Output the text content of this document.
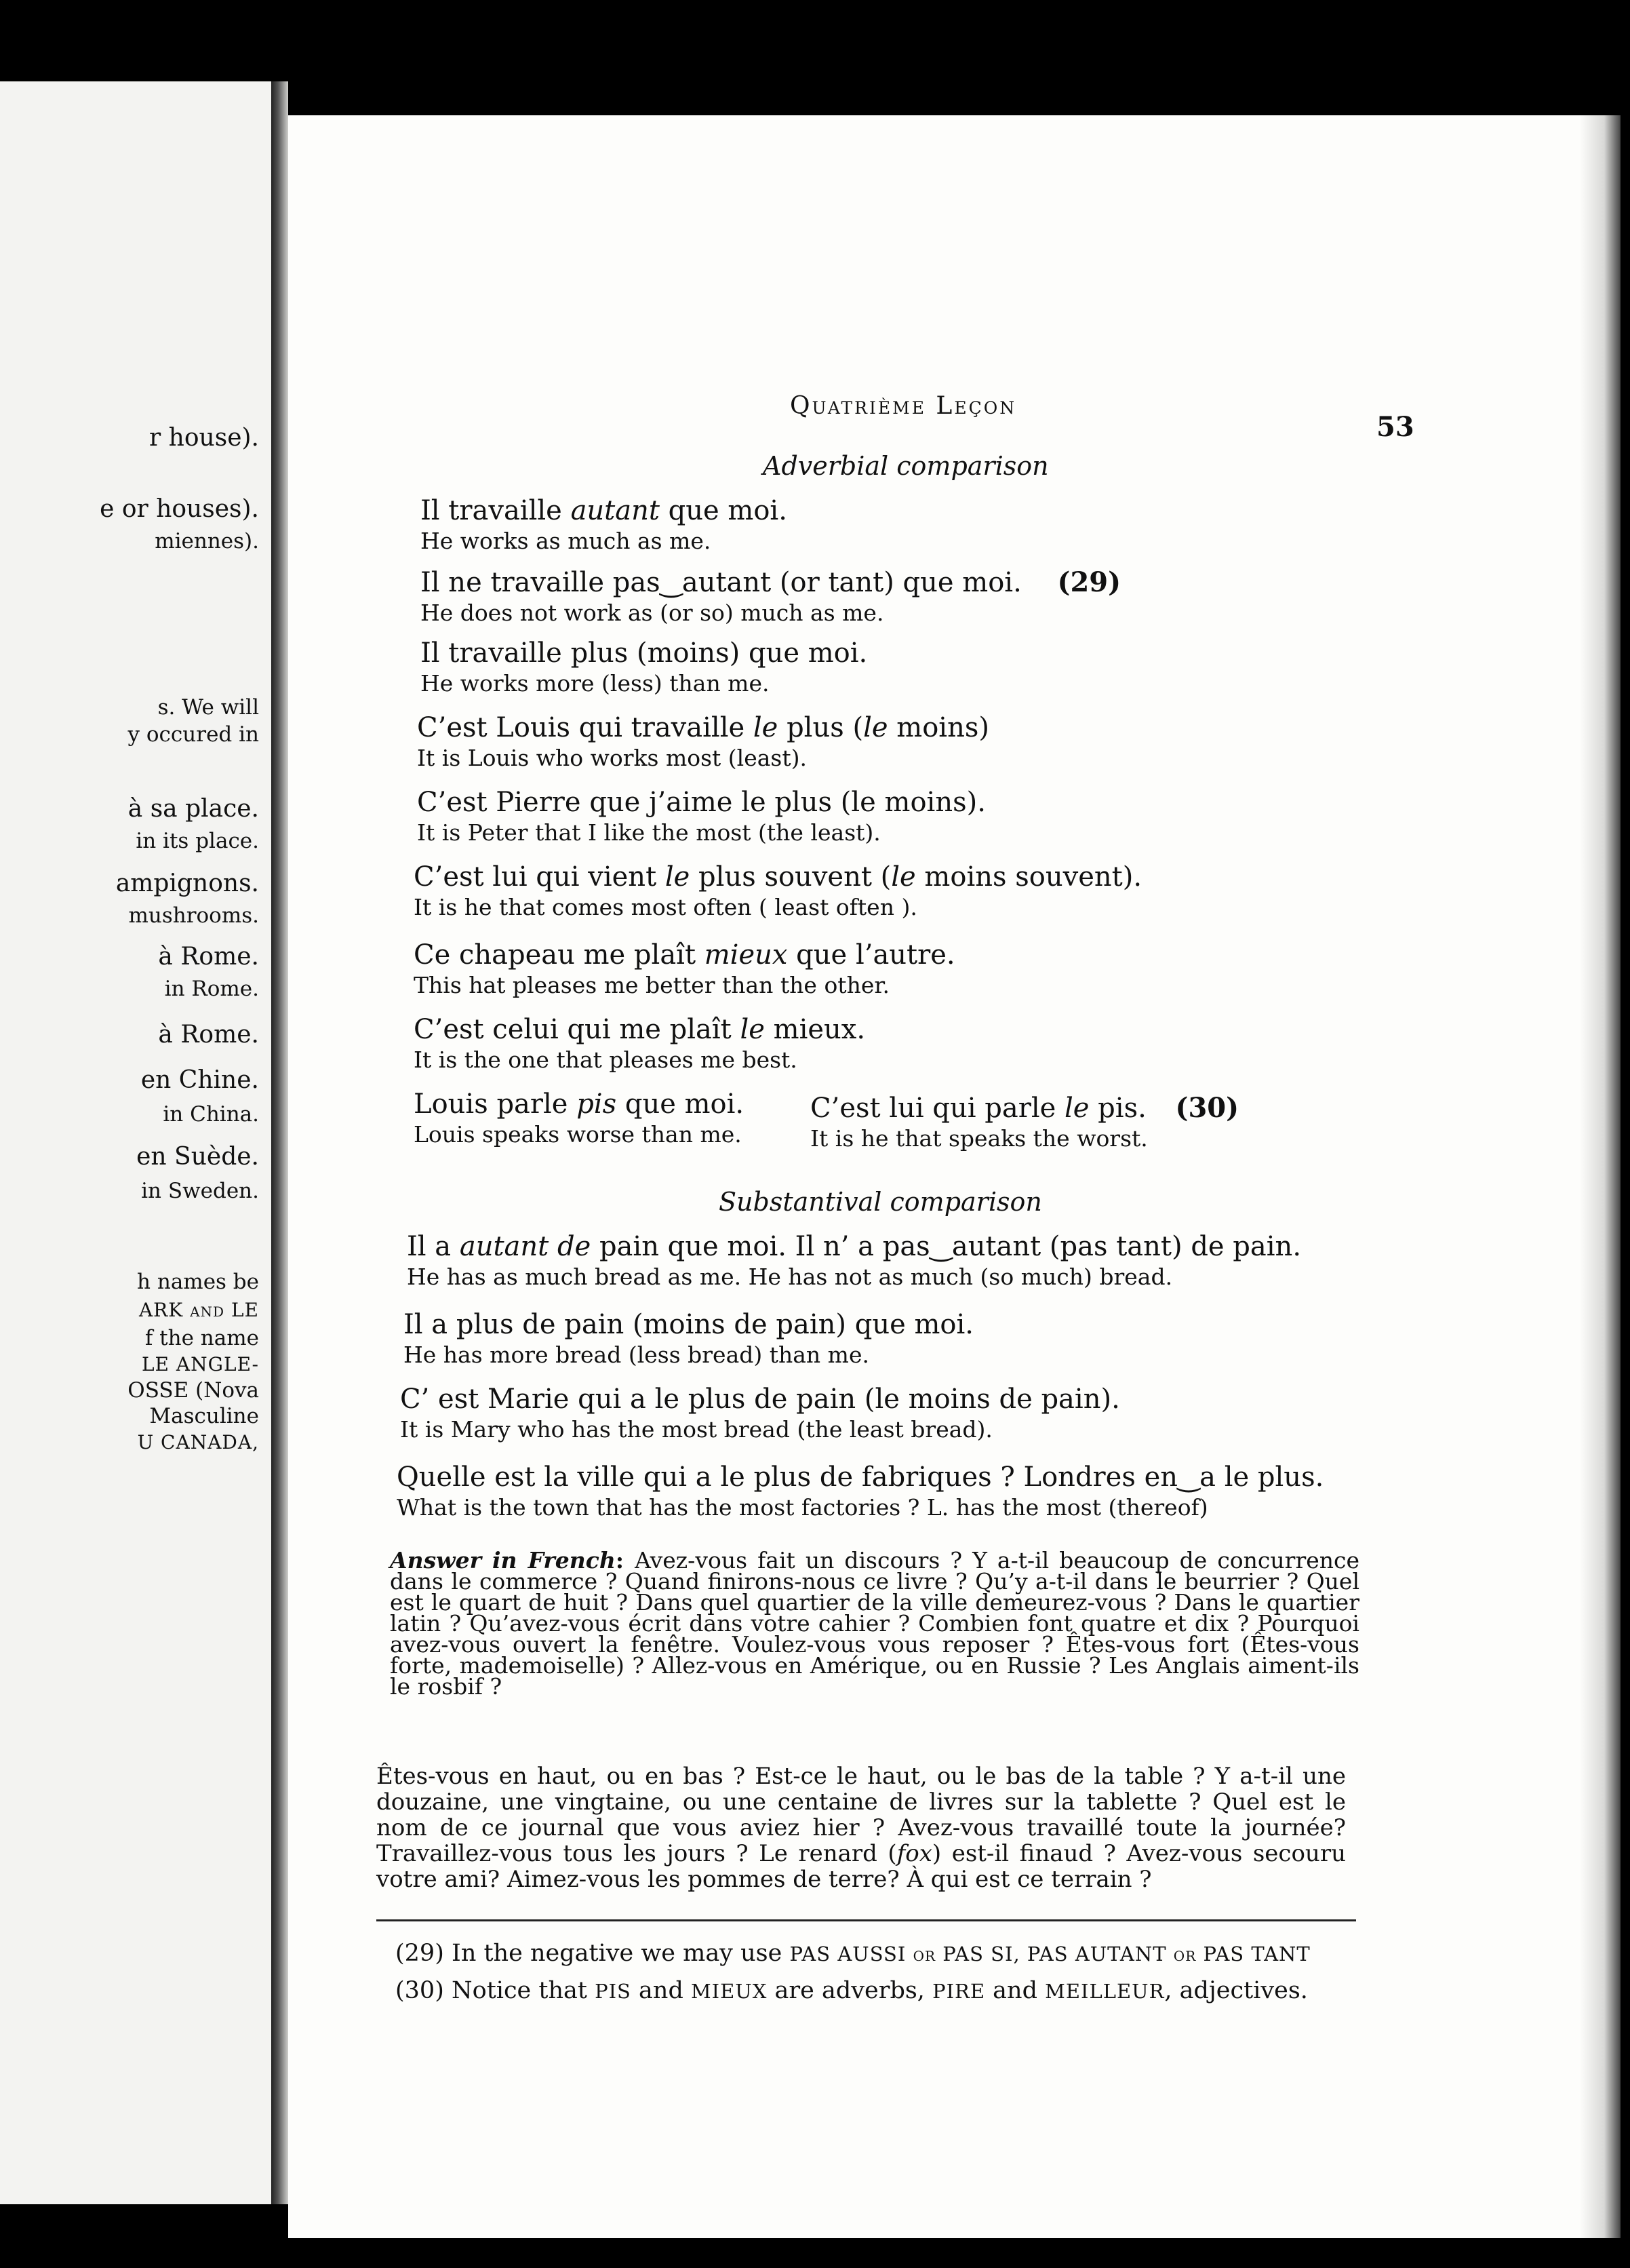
r house).
e or houses).
miennes).
s. We will
y occured in
à sa place.
in its place.
ampignons.
mushrooms.
à Rome.
in Rome.
à Rome.
en Chine.
in China.
en Suède.
in Sweden.
h names be
ARK and LE
f the name
LE ANGLE-
OSSE (Nova
Masculine
U CANADA,
Quatrième Leçon
53
Adverbial comparison
Il travaille autant que moi.
He works as much as me.
Il ne travaille pas‿autant (or tant) que moi. (29)
He does not work as (or so) much as me.
Il travaille plus (moins) que moi.
He works more (less) than me.
C’est Louis qui travaille le plus (le moins)
It is Louis who works most (least).
C’est Pierre que j’aime le plus (le moins).
It is Peter that I like the most (the least).
C’est lui qui vient le plus souvent (le moins souvent).
It is he that comes most often ( least often ).
Ce chapeau me plaît mieux que l’autre.
This hat pleases me better than the other.
C’est celui qui me plaît le mieux.
It is the one that pleases me best.
Louis parle pis que moi.
Louis speaks worse than me.
C’est lui qui parle le pis. (30)
It is he that speaks the worst.
Substantival comparison
Il a autant de pain que moi. Il n’ a pas‿autant (pas tant) de pain.
He has as much bread as me. He has not as much (so much) bread.
Il a plus de pain (moins de pain) que moi.
He has more bread (less bread) than me.
C’ est Marie qui a le plus de pain (le moins de pain).
It is Mary who has the most bread (the least bread).
Quelle est la ville qui a le plus de fabriques ? Londres en‿a le plus.
What is the town that has the most factories ? L. has the most (thereof)
Answer in French: Avez-vous fait un discours ? Y a-t-il beaucoup de concurrence dans le commerce ? Quand finirons-nous ce livre ? Qu’y a-t-il dans le beurrier ? Quel est le quart de huit ? Dans quel quartier de la ville demeurez-vous ? Dans le quartier latin ? Qu’avez-vous écrit dans votre cahier ? Combien font quatre et dix ? Pourquoi avez-vous ouvert la fenêtre. Voulez-vous vous reposer ? Êtes-vous fort (Êtes-vous forte, mademoiselle) ? Allez-vous en Amérique, ou en Russie ? Les Anglais aiment-ils le rosbif ?
Êtes-vous en haut, ou en bas ? Est-ce le haut, ou le bas de la table ? Y a-t-il une douzaine, une vingtaine, ou une centaine de livres sur la tablette ? Quel est le nom de ce journal que vous aviez hier ? Avez-vous travaillé toute la journée? Travaillez-vous tous les jours ? Le renard (fox) est-il finaud ? Avez-vous secouru votre ami? Aimez-vous les pommes de terre? À qui est ce terrain ?
(29) In the negative we may use PAS AUSSI or PAS SI, PAS AUTANT or PAS TANT
(30) Notice that PIS and MIEUX are adverbs, PIRE and MEILLEUR, adjectives.
